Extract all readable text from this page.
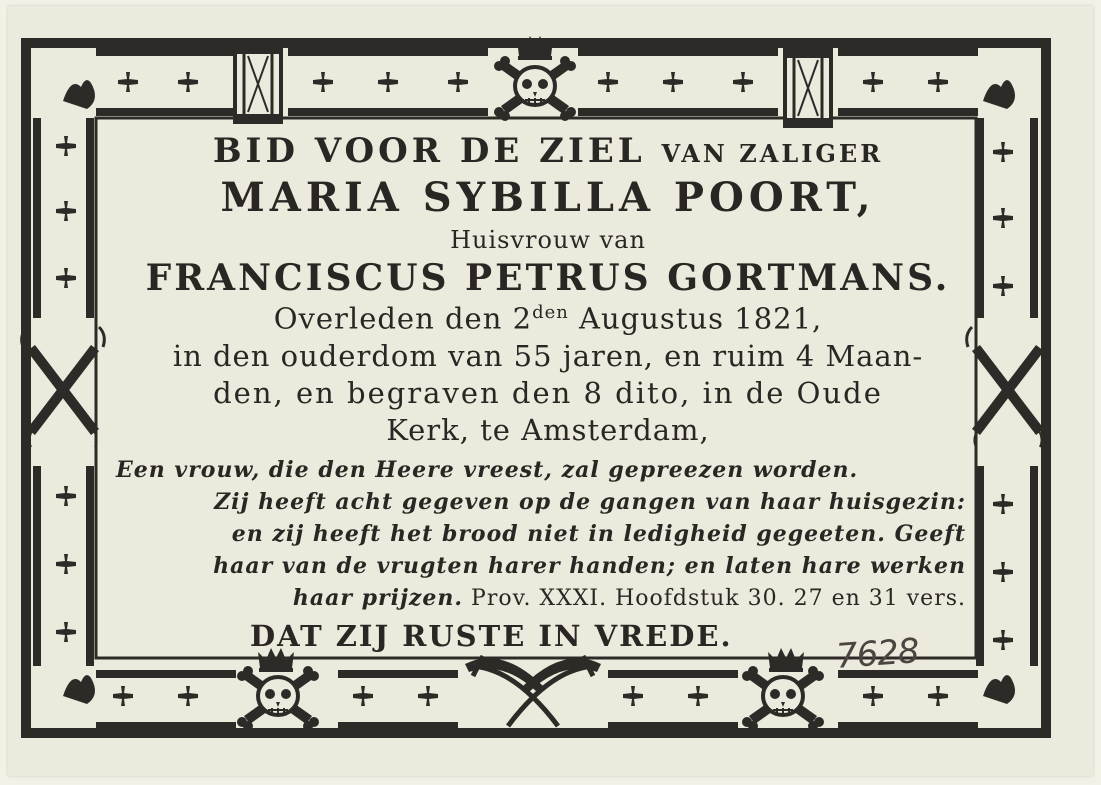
BID VOOR DE ZIEL VAN ZALIGER

MARIA SYBILLA POORT,

Huisvrouw van

FRANCISCUS PETRUS GORTMANS.

Overleden den $2^{den}$ Augustus 1821,

in den ouderdom van 55 jaren, en ruim 4 Maan-

den, en begraven den 8 dito, in de Oude

Kerk, te Amsterdam,

Een vrouw, die den Heere vreest, zal gepreezen worden.

Zij heeft acht gegeven op de gangen van haar huisgezin:

en zij heeft het brood niet in ledigheid gegeeten. Geeft

haar van de vrugten harer handen; en laten hare werken

haar prijzen. Prov. XXXI. Hoofdstuk 30. 27 en 31 vers.

DAT ZIJ RUSTE IN VREDE.	7628
